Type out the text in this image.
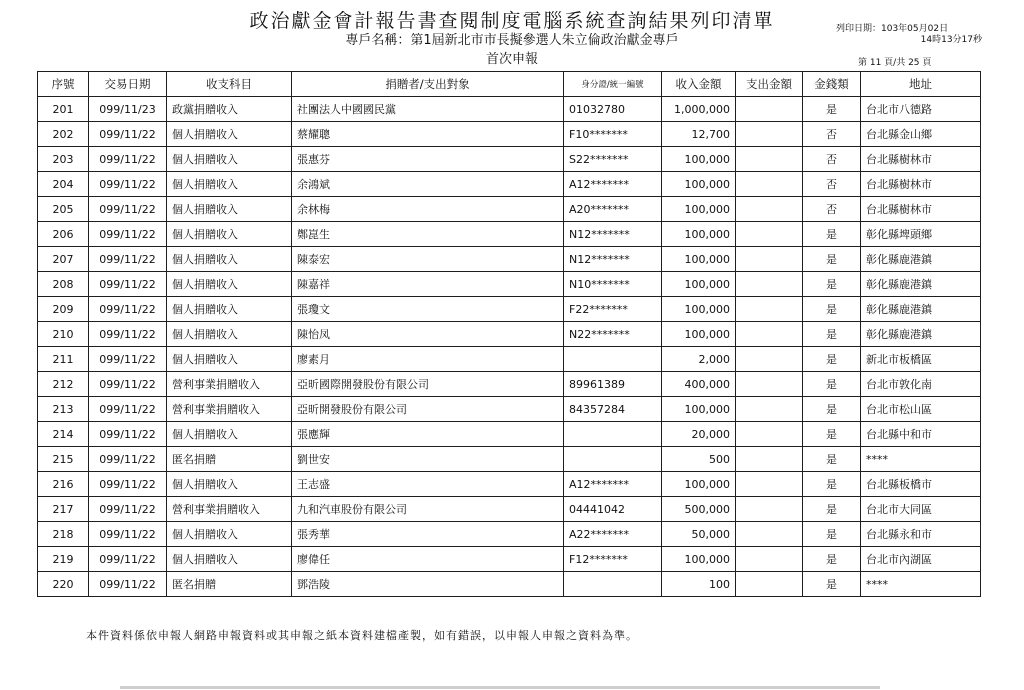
政治獻金會計報告書查閱制度電腦系統查詢結果列印清單
專戶名稱：第1屆新北市市長擬參選人朱立倫政治獻金專戶
首次申報
列印日期：103年05月02日
14時13分17秒
第 11 頁/共 25 頁
序號	交易日期	收支科目	捐贈者/支出對象	身分證/統一編號	收入金額	支出金額	金錢類	地址
201	099/11/23	政黨捐贈收入	社團法人中國國民黨	01032780	1,000,000		是	台北市八德路
202	099/11/22	個人捐贈收入	蔡耀聰	F10*******	12,700		否	台北縣金山鄉
203	099/11/22	個人捐贈收入	張惠芬	S22*******	100,000		否	台北縣樹林市
204	099/11/22	個人捐贈收入	余鴻斌	A12*******	100,000		否	台北縣樹林市
205	099/11/22	個人捐贈收入	余林梅	A20*******	100,000		否	台北縣樹林市
206	099/11/22	個人捐贈收入	鄭崑生	N12*******	100,000		是	彰化縣埤頭鄉
207	099/11/22	個人捐贈收入	陳泰宏	N12*******	100,000		是	彰化縣鹿港鎮
208	099/11/22	個人捐贈收入	陳嘉祥	N10*******	100,000		是	彰化縣鹿港鎮
209	099/11/22	個人捐贈收入	張瓊文	F22*******	100,000		是	彰化縣鹿港鎮
210	099/11/22	個人捐贈收入	陳怡凤	N22*******	100,000		是	彰化縣鹿港鎮
211	099/11/22	個人捐贈收入	廖素月		2,000		是	新北市板橋區
212	099/11/22	營利事業捐贈收入	亞昕國際開發股份有限公司	89961389	400,000		是	台北市敦化南
213	099/11/22	營利事業捐贈收入	亞昕開發股份有限公司	84357284	100,000		是	台北市松山區
214	099/11/22	個人捐贈收入	張應輝		20,000		是	台北縣中和市
215	099/11/22	匿名捐贈	劉世安		500		是	****
216	099/11/22	個人捐贈收入	王志盛	A12*******	100,000		是	台北縣板橋市
217	099/11/22	營利事業捐贈收入	九和汽車股份有限公司	04441042	500,000		是	台北市大同區
218	099/11/22	個人捐贈收入	張秀華	A22*******	50,000		是	台北縣永和市
219	099/11/22	個人捐贈收入	廖偉任	F12*******	100,000		是	台北市內湖區
220	099/11/22	匿名捐贈	鄧浩陵		100		是	****
本件資料係依申報人網路申報資料或其申報之紙本資料建檔產製，如有錯誤，以申報人申報之資料為準。
